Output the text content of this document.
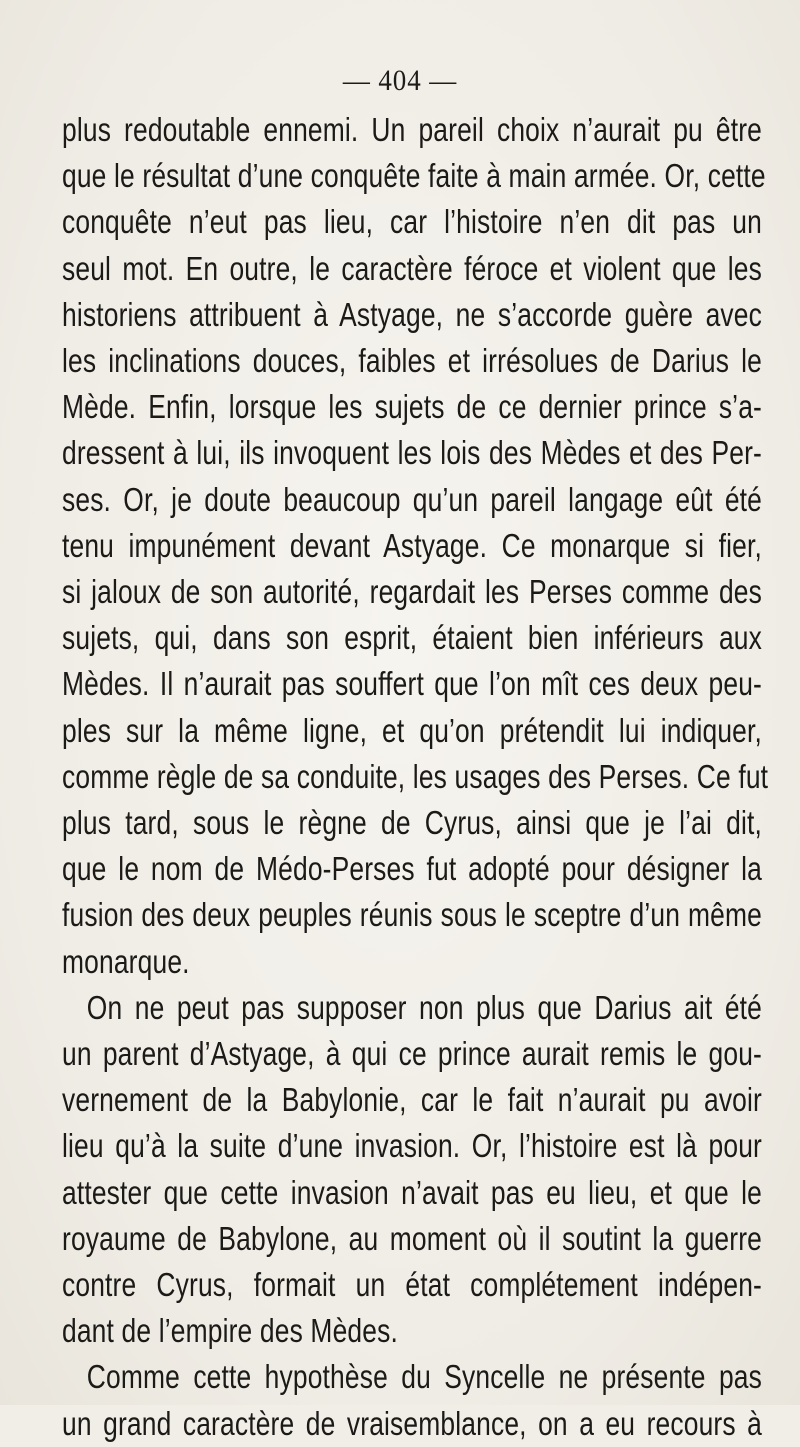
— 404 —
plus redoutable ennemi. Un pareil choix n’aurait pu être
que le résultat d’une conquête faite à main armée. Or, cette
conquête n’eut pas lieu, car l’histoire n’en dit pas un
seul mot. En outre, le caractère féroce et violent que les
historiens attribuent à Astyage, ne s’accorde guère avec
les inclinations douces, faibles et irrésolues de Darius le
Mède. Enfin, lorsque les sujets de ce dernier prince s’a-
dressent à lui, ils invoquent les lois des Mèdes et des Per-
ses. Or, je doute beaucoup qu’un pareil langage eût été
tenu impunément devant Astyage. Ce monarque si fier,
si jaloux de son autorité, regardait les Perses comme des
sujets, qui, dans son esprit, étaient bien inférieurs aux
Mèdes. Il n’aurait pas souffert que l’on mît ces deux peu-
ples sur la même ligne, et qu’on prétendit lui indiquer,
comme règle de sa conduite, les usages des Perses. Ce fut
plus tard, sous le règne de Cyrus, ainsi que je l’ai dit,
que le nom de Médo-Perses fut adopté pour désigner la
fusion des deux peuples réunis sous le sceptre d’un même
monarque.
On ne peut pas supposer non plus que Darius ait été
un parent d’Astyage, à qui ce prince aurait remis le gou-
vernement de la Babylonie, car le fait n’aurait pu avoir
lieu qu’à la suite d’une invasion. Or, l’histoire est là pour
attester que cette invasion n’avait pas eu lieu, et que le
royaume de Babylone, au moment où il soutint la guerre
contre Cyrus, formait un état complétement indépen-
dant de l’empire des Mèdes.
Comme cette hypothèse du Syncelle ne présente pas
un grand caractère de vraisemblance, on a eu recours à
